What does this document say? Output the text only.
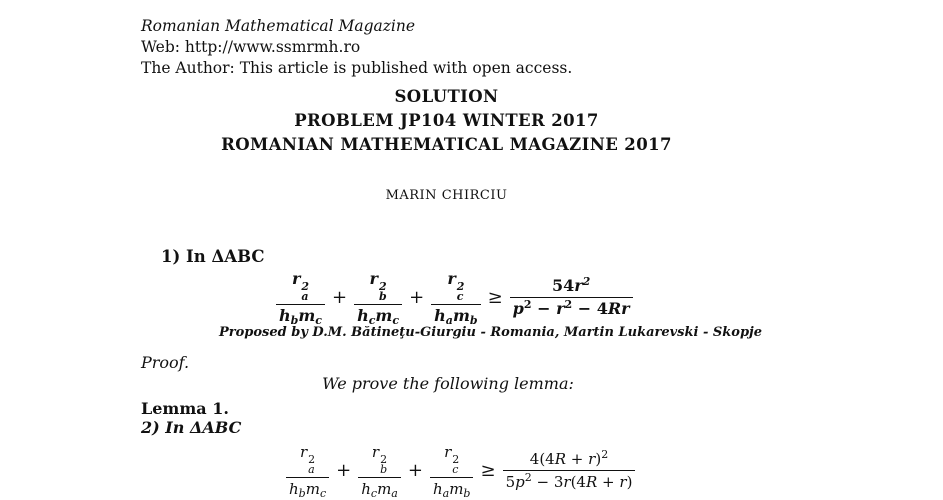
Romanian Mathematical Magazine
Web: http://www.ssmrmh.ro
The Author: This article is published with open access.
SOLUTION
PROBLEM JP104 WINTER 2017
ROMANIAN MATHEMATICAL MAGAZINE 2017
MARIN CHIRCIU
1) In ΔABC
r 2
a
$h_bm_c + r$ 2
b
$h_cm_c + r$ 2
c
$h_am_b \ge \frac{54r^2}{p^2 - r^2 - 4Rr}$
Proposed by D.M. Bătineţu-Giurgiu - Romania, Martin Lukarevski - Skopje
Proof.
We prove the following lemma:
Lemma 1.
2) In ΔABC
r 2
a
$h_bm_c + r$ 2
b
$h_cm_a + r$ 2
c
$h_am_b \ge \frac{4(4R + r)^2}{5p^2 - 3r(4R + r)}$
